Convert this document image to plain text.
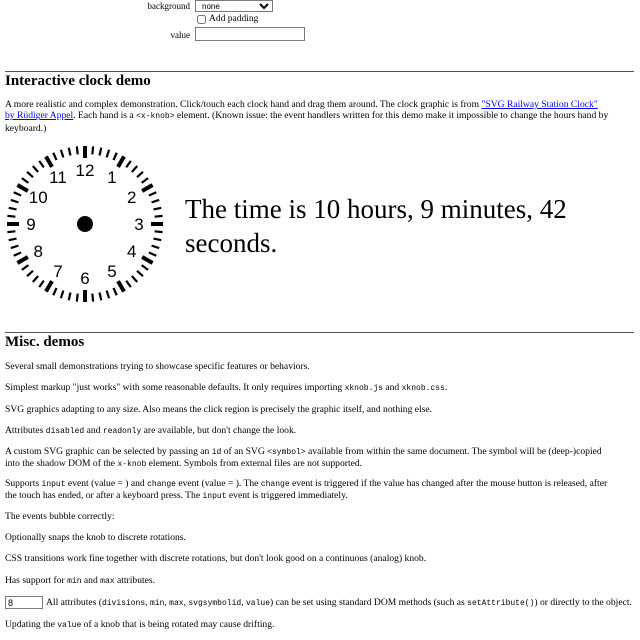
background
none
Add padding
value
Interactive clock demo

A more realistic and complex demonstration. Click/touch each clock hand and drag them around. The clock graphic is from "SVG Railway Station Clock"
by Rüdiger Appel. Each hand is a <x-knob> element. (Known issue: the event handlers written for this demo make it impossible to change the hours hand by
keyboard.)

12 1
2
3
4
5
6
7
8
9
10
11
The time is 10 hours, 9 minutes, 42 seconds.
Misc. demos

Several small demonstrations trying to showcase specific features or behaviors.

Simplest markup "just works" with some reasonable defaults. It only requires importing xknob.js and xknob.css.

SVG graphics adapting to any size. Also means the click region is precisely the graphic itself, and nothing else.

Attributes disabled and readonly are available, but don't change the look.

A custom SVG graphic can be selected by passing an id of an SVG <symbol> available from within the same document. The symbol will be (deep-)copied
into the shadow DOM of the x-knob element. Symbols from external files are not supported.

Supports input event (value = ) and change event (value = ). The change event is triggered if the value has changed after the mouse button is released, after
the touch has ended, or after a keyboard press. The input event is triggered immediately.

The events bubble correctly:

Optionally snaps the knob to discrete rotations.

CSS transitions work fine together with discrete rotations, but don't look good on a continuous (analog) knob.

Has support for min and max attributes.

8

All attributes (divisions, min, max, svgsymbolid, value) can be set using standard DOM methods (such as setAttribute()) or directly to the object.

Updating the value of a knob that is being rotated may cause drifting.
